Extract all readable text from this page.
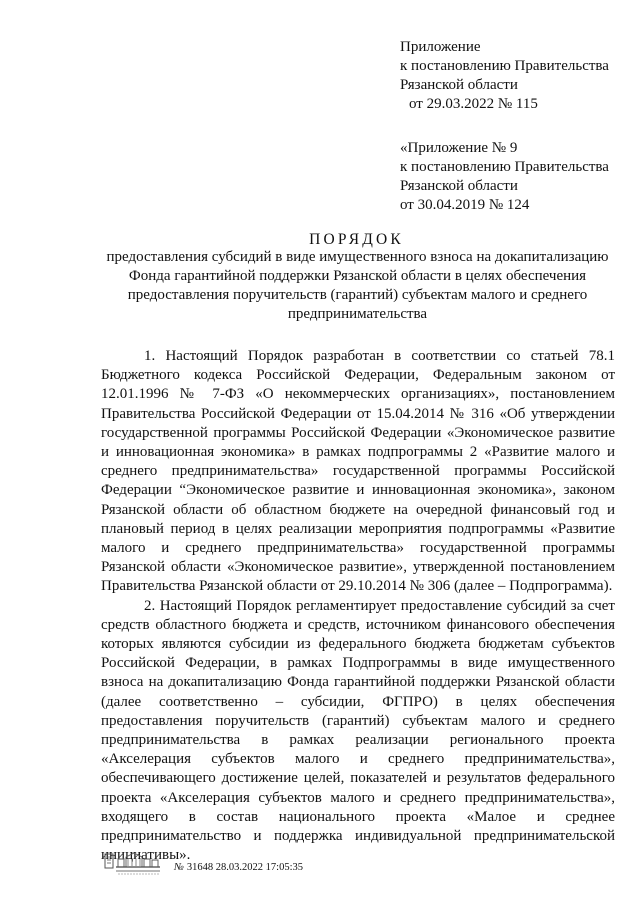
Приложение
к постановлению Правительства
Рязанской области
от 29.03.2022 № 115
«Приложение № 9
к постановлению Правительства
Рязанской области
от 30.04.2019 № 124
ПОРЯДОК
предоставления субсидий в виде имущественного взноса на докапитализацию Фонда гарантийной поддержки Рязанской области в целях обеспечения предоставления поручительств (гарантий) субъектам малого и среднего предпринимательства

1. Настоящий Порядок разработан в соответствии со статьей 78.1 Бюджетного кодекса Российской Федерации, Федеральным законом от 12.01.1996 № 7-ФЗ «О некоммерческих организациях», постановлением Правительства Российской Федерации от 15.04.2014 № 316 «Об утверждении государственной программы Российской Федерации «Экономическое развитие и инновационная экономика» в рамках подпрограммы 2 «Развитие малого и среднего предпринимательства» государственной программы Российской Федерации “Экономическое развитие и инновационная экономика», законом Рязанской области об областном бюджете на очередной финансовый год и плановый период в целях реализации мероприятия подпрограммы «Развитие малого и среднего предпринимательства» государственной программы Рязанской области «Экономическое развитие», утвержденной постановлением Правительства Рязанской области от 29.10.2014 № 306 (далее – Подпрограмма).

2. Настоящий Порядок регламентирует предоставление субсидий за счет средств областного бюджета и средств, источником финансового обеспечения которых являются субсидии из федерального бюджета бюджетам субъектов Российской Федерации, в рамках Подпрограммы в виде имущественного взноса на докапитализацию Фонда гарантийной поддержки Рязанской области (далее соответственно – субсидии, ФГПРО) в целях обеспечения предоставления поручительств (гарантий) субъектам малого и среднего предпринимательства в рамках реализации регионального проекта «Акселерация субъектов малого и среднего предпринимательства», обеспечивающего достижение целей, показателей и результатов федерального проекта «Акселерация субъектов малого и среднего предпринимательства», входящего в состав национального проекта «Малое и среднее предпринимательство и поддержка индивидуальной предпринимательской инициативы».

№ 31648 28.03.2022 17:05:35
